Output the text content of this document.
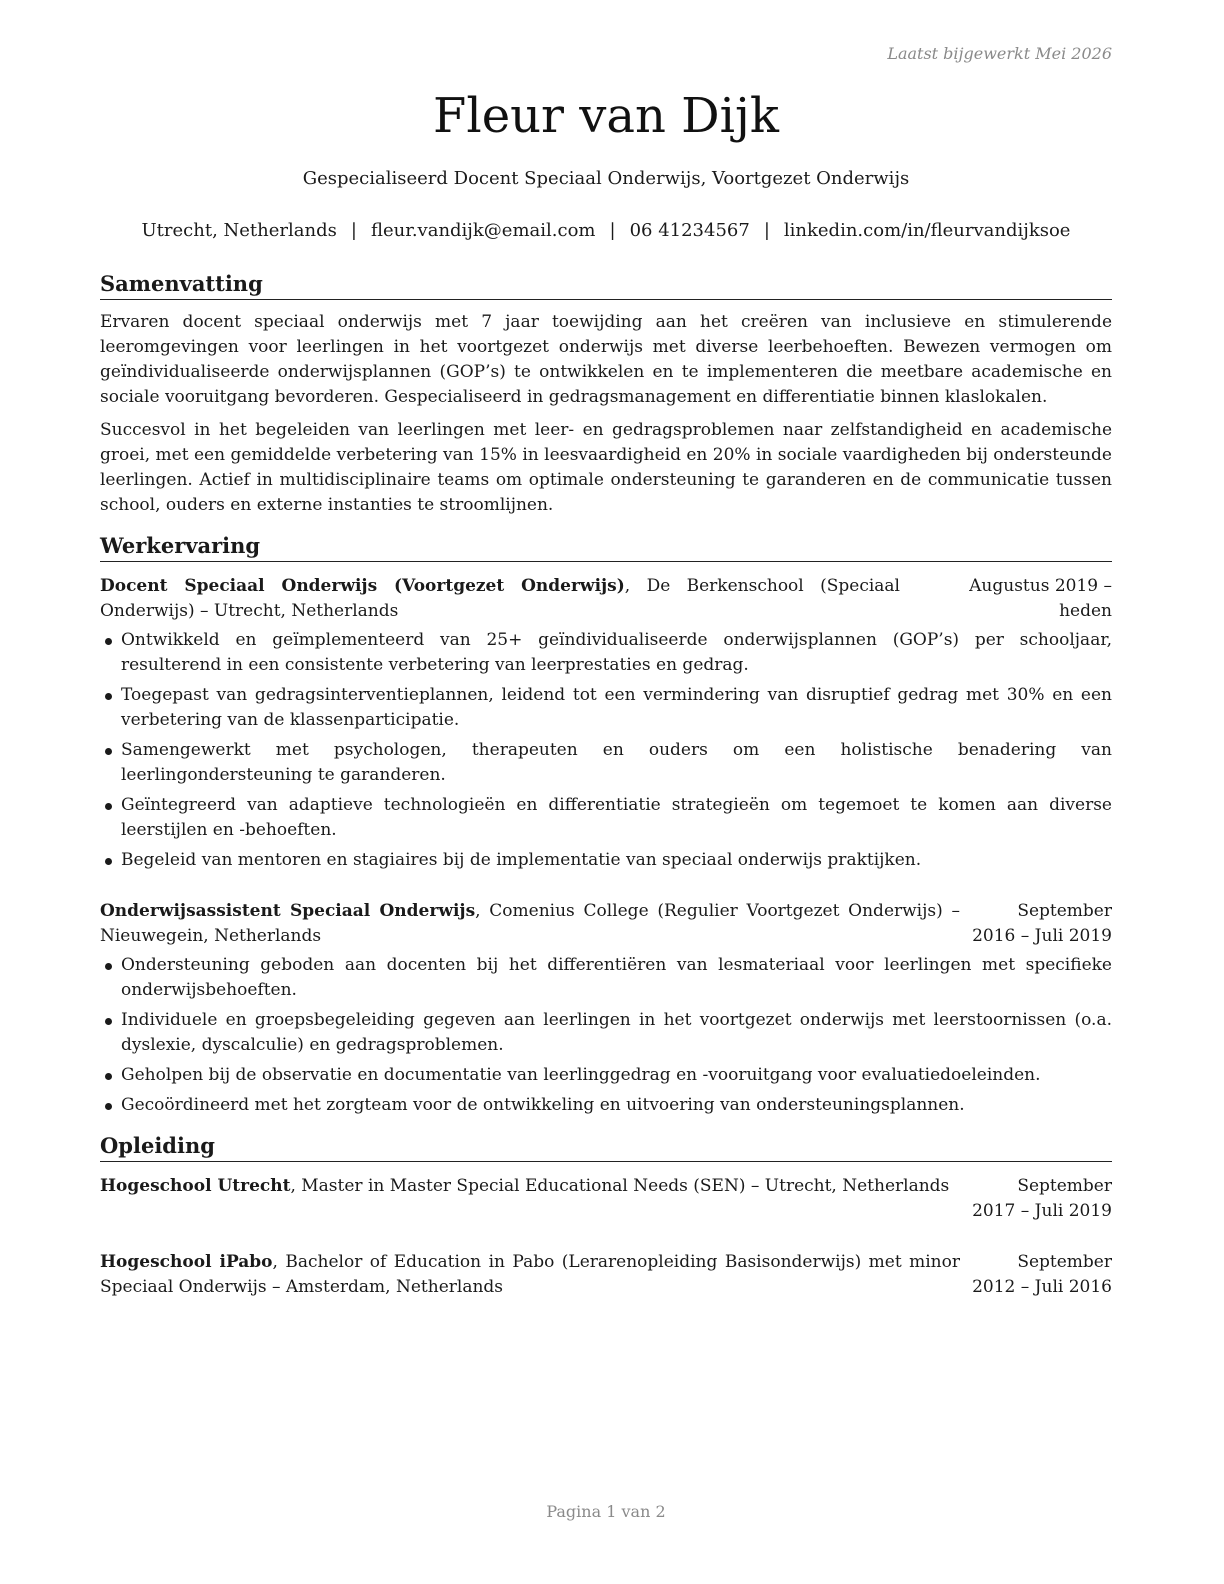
Laatst bijgewerkt Mei 2026
Fleur van Dijk
Gespecialiseerd Docent Speciaal Onderwijs, Voortgezet Onderwijs
Utrecht, Netherlands | fleur.vandijk@email.com | 06 41234567 | linkedin.com/in/fleurvandijksoe
Samenvatting

Ervaren docent speciaal onderwijs met 7 jaar toewijding aan het creëren van inclusieve en stimulerende leeromgevingen voor leerlingen in het voortgezet onderwijs met diverse leerbehoeften. Bewezen vermogen om geïndividualiseerde onderwijsplannen (GOP’s) te ontwikkelen en te implementeren die meetbare academische en sociale vooruitgang bevorderen. Gespecialiseerd in gedragsmanagement en differentiatie binnen klaslokalen.

Succesvol in het begeleiden van leerlingen met leer- en gedragsproblemen naar zelfstandigheid en academische groei, met een gemiddelde verbetering van 15% in leesvaardigheid en 20% in sociale vaardigheden bij ondersteunde leerlingen. Actief in multidisciplinaire teams om optimale ondersteuning te garanderen en de communicatie tussen school, ouders en externe instanties te stroomlijnen.

Werkervaring
Docent Speciaal Onderwijs (Voortgezet Onderwijs), De Berkenschool (Speciaal Onderwijs) – Utrecht, Netherlands
Augustus 2019 – heden
Ontwikkeld en geïmplementeerd van 25+ geïndividualiseerde onderwijsplannen (GOP’s) per schooljaar, resulterend in een consistente verbetering van leerprestaties en gedrag.
Toegepast van gedragsinterventieplannen, leidend tot een vermindering van disruptief gedrag met 30% en een verbetering van de klassenparticipatie.
Samengewerkt met psychologen, therapeuten en ouders om een holistische benadering van leerlingondersteuning te garanderen.
Geïntegreerd van adaptieve technologieën en differentiatie strategieën om tegemoet te komen aan diverse leerstijlen en -behoeften.
Begeleid van mentoren en stagiaires bij de implementatie van speciaal onderwijs praktijken.
Onderwijsassistent Speciaal Onderwijs, Comenius College (Regulier Voortgezet Onderwijs) – Nieuwegein, Netherlands
September 2016 – Juli 2019
Ondersteuning geboden aan docenten bij het differentiëren van lesmateriaal voor leerlingen met specifieke onderwijsbehoeften.
Individuele en groepsbegeleiding gegeven aan leerlingen in het voortgezet onderwijs met leerstoornissen (o.a. dyslexie, dyscalculie) en gedragsproblemen.
Geholpen bij de observatie en documentatie van leerlinggedrag en -vooruitgang voor evaluatiedoeleinden.
Gecoördineerd met het zorgteam voor de ontwikkeling en uitvoering van ondersteuningsplannen.
Opleiding
Hogeschool Utrecht, Master in Master Special Educational Needs (SEN) – Utrecht, Netherlands	September 2017 – Juli 2019
Hogeschool iPabo, Bachelor of Education in Pabo (Lerarenopleiding Basisonderwijs) met minor Speciaal Onderwijs – Amsterdam, Netherlands
September 2012 – Juli 2016
Pagina 1 van 2
